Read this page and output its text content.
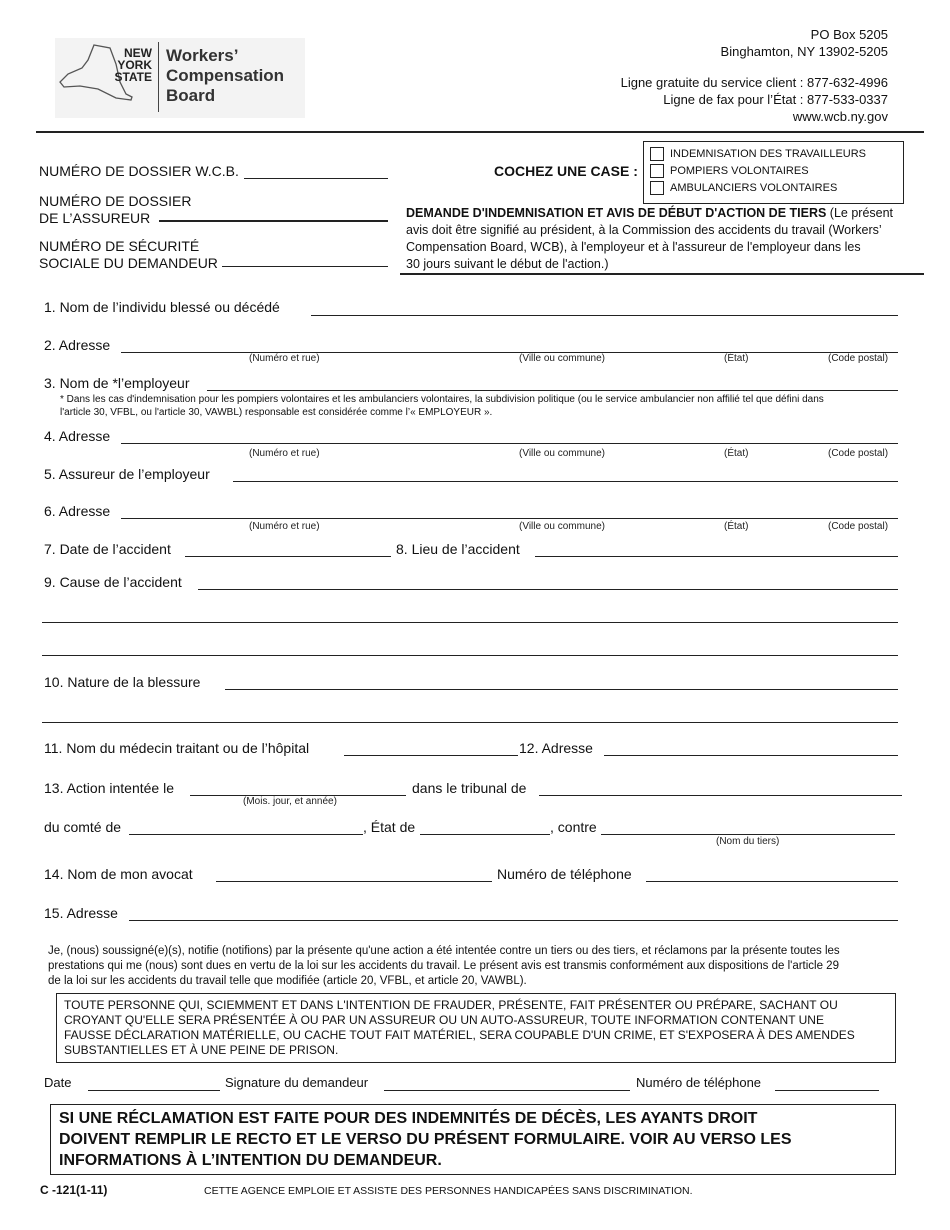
NEW
YORK
STATE
Workers’
Compensation
Board
PO Box 5205
Binghamton, NY 13902-5205
Ligne gratuite du service client : 877-632-4996
Ligne de fax pour l’État : 877-533-0337
www.wcb.ny.gov
NUMÉRO DE DOSSIER W.C.B.
NUMÉRO DE DOSSIER
DE L’ASSUREUR
NUMÉRO DE SÉCURITÉ
SOCIALE DU DEMANDEUR
COCHEZ UNE CASE :
INDEMNISATION DES TRAVAILLEURS
POMPIERS VOLONTAIRES
AMBULANCIERS VOLONTAIRES
DEMANDE D'INDEMNISATION ET AVIS DE DÉBUT D'ACTION DE TIERS (Le présent
avis doit être signifié au président, à la Commission des accidents du travail (Workers’
Compensation Board, WCB), à l'employeur et à l'assureur de l'employeur dans les
30 jours suivant le début de l'action.)
1. Nom de l’individu blessé ou décédé
2. Adresse
(Numéro et rue)	(Ville ou commune)	(État)	(Code postal)
3. Nom de *l’employeur
* Dans les cas d'indemnisation pour les pompiers volontaires et les ambulanciers volontaires, la subdivision politique (ou le service ambulancier non affilié tel que défini dans
l'article 30, VFBL, ou l'article 30, VAWBL) responsable est considérée comme l’« EMPLOYEUR ».
4. Adresse
(Numéro et rue)	(Ville ou commune)	(État)	(Code postal)
5. Assureur de l’employeur
6. Adresse
(Numéro et rue)	(Ville ou commune)	(État)	(Code postal)
7. Date de l’accident	8. Lieu de l’accident
9. Cause de l’accident
10. Nature de la blessure
11. Nom du médecin traitant ou de l’hôpital	12. Adresse
13. Action intentée le
(Mois. jour, et année)
dans le tribunal de
du comté de	, État de	, contre
(Nom du tiers)
14. Nom de mon avocat	Numéro de téléphone
15. Adresse
Je, (nous) soussigné(e)(s), notifie (notifions) par la présente qu'une action a été intentée contre un tiers ou des tiers, et réclamons par la présente toutes les
prestations qui me (nous) sont dues en vertu de la loi sur les accidents du travail. Le présent avis est transmis conformément aux dispositions de l'article 29
de la loi sur les accidents du travail telle que modifiée (article 20, VFBL, et article 20, VAWBL).
TOUTE PERSONNE QUI, SCIEMMENT ET DANS L'INTENTION DE FRAUDER, PRÉSENTE, FAIT PRÉSENTER OU PRÉPARE, SACHANT OU
CROYANT QU'ELLE SERA PRÉSENTÉE À OU PAR UN ASSUREUR OU UN AUTO-ASSUREUR, TOUTE INFORMATION CONTENANT UNE
FAUSSE DÉCLARATION MATÉRIELLE, OU CACHE TOUT FAIT MATÉRIEL, SERA COUPABLE D'UN CRIME, ET S'EXPOSERA À DES AMENDES
SUBSTANTIELLES ET À UNE PEINE DE PRISON.
Date	Signature du demandeur	Numéro de téléphone
SI UNE RÉCLAMATION EST FAITE POUR DES INDEMNITÉS DE DÉCÈS, LES AYANTS DROIT
DOIVENT REMPLIR LE RECTO ET LE VERSO DU PRÉSENT FORMULAIRE. VOIR AU VERSO LES
INFORMATIONS À L’INTENTION DU DEMANDEUR.
C -121(1-11)	CETTE AGENCE EMPLOIE ET ASSISTE DES PERSONNES HANDICAPÉES SANS DISCRIMINATION.
